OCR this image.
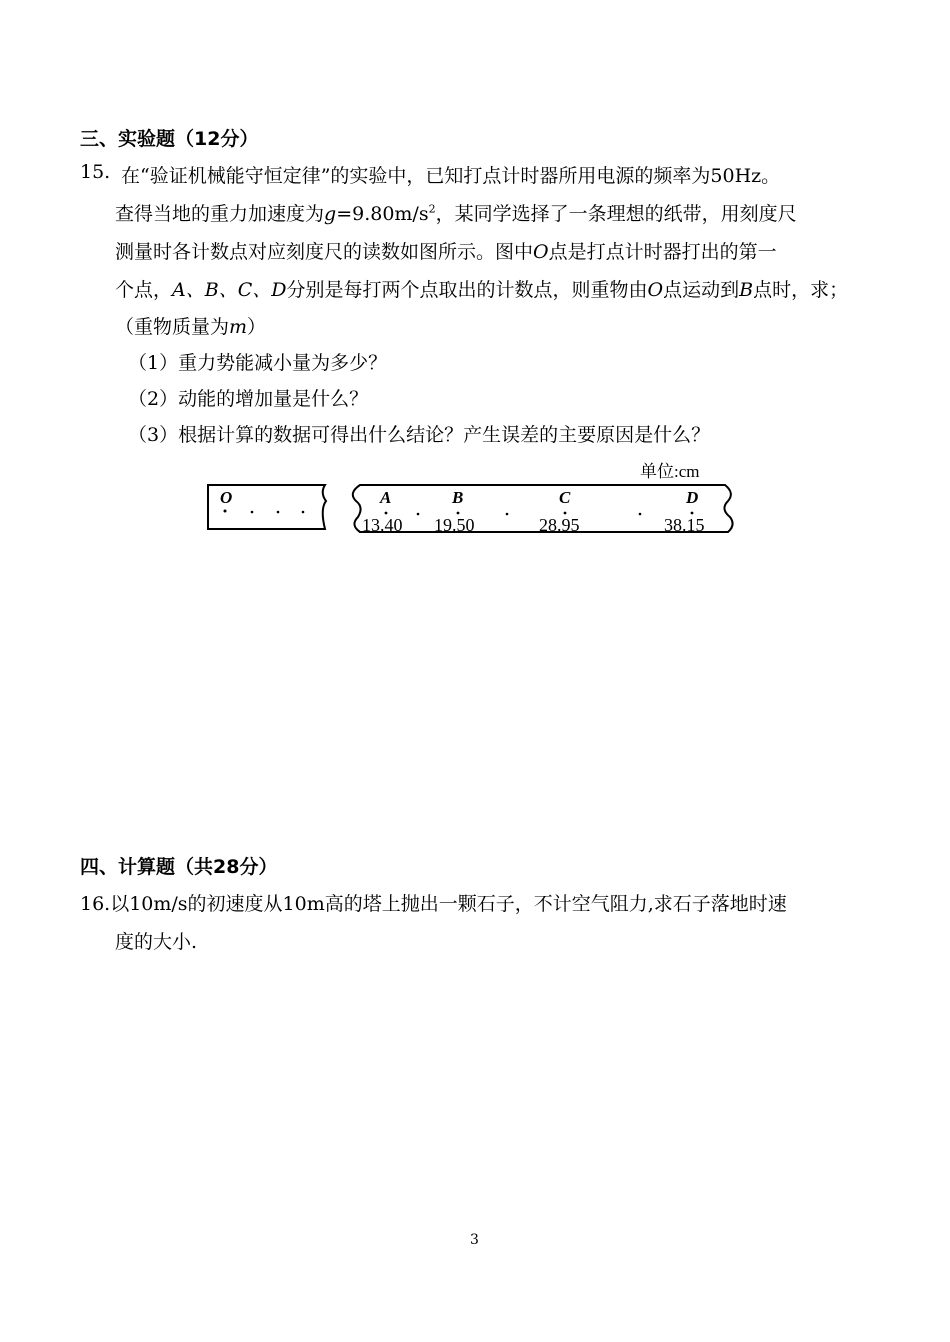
三、实验题（12分）
15. 在“验证机械能守恒定律”的实验中，已知打点计时器所用电源的频率为50Hz。
查得当地的重力加速度为$g=9.80m/s^2$，某同学选择了一条理想的纸带，用刻度尺
测量时各计数点对应刻度尺的读数如图所示。图中O点是打点计时器打出的第一
个点，A、B、C、D分别是每打两个点取出的计数点，则重物由O点运动到B点时，求；
（重物质量为m）
（1）重力势能减小量为多少？
（2）动能的增加量是什么？
（3）根据计算的数据可得出什么结论？产生误差的主要原因是什么？
单位:cm
O	A	B	C	D
13.40 19.50	28.95	38.15
四、计算题（共28分）
16.以10m/s的初速度从10m高的塔上抛出一颗石子，不计空气阻力,求石子落地时速
度的大小.
3
